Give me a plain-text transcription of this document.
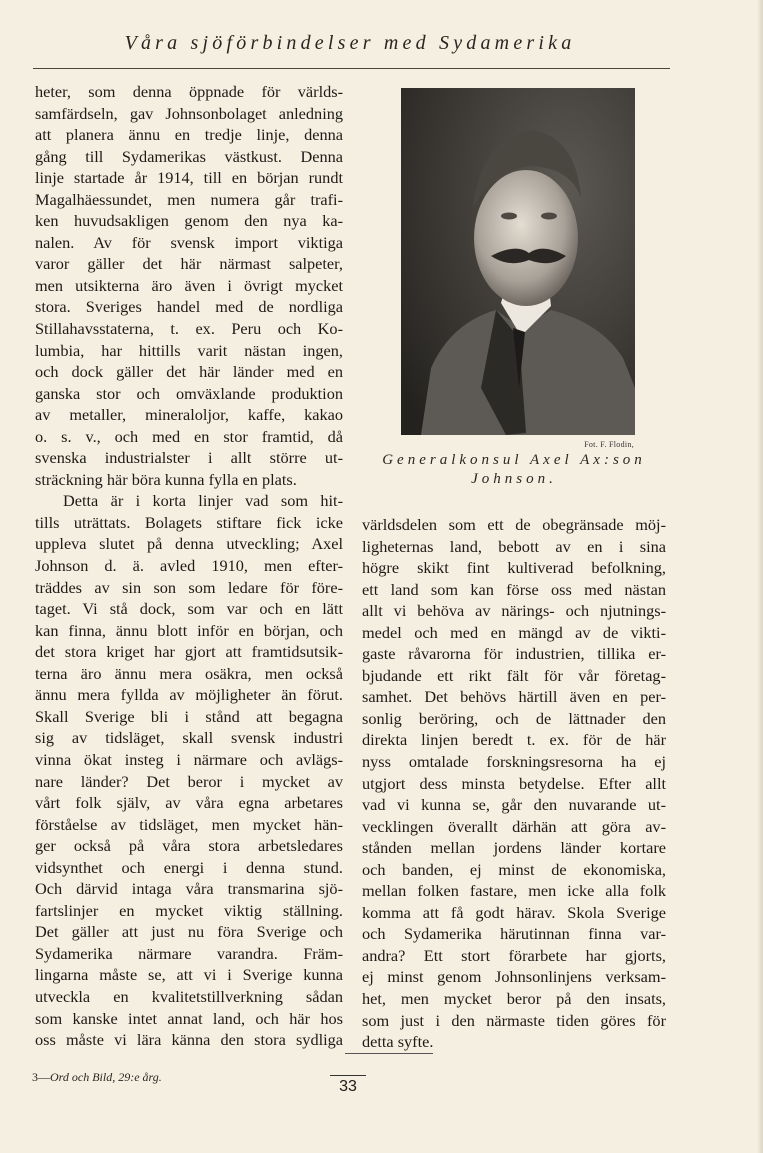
Våra sjöförbindelser med Sydamerika
heter, som denna öppnade för världs-
samfärdseln, gav Johnsonbolaget anledning
att planera ännu en tredje linje, denna
gång till Sydamerikas västkust. Denna
linje startade år 1914, till en början rundt
Magalhäessundet, men numera går trafi-
ken huvudsakligen genom den nya ka-
nalen. Av för svensk import viktiga
varor gäller det här närmast salpeter,
men utsikterna äro även i övrigt mycket
stora. Sveriges handel med de nordliga
Stillahavsstaterna, t. ex. Peru och Ko-
lumbia, har hittills varit nästan ingen,
och dock gäller det här länder med en
ganska stor och omväxlande produktion
av metaller, mineraloljor, kaffe, kakao
o. s. v., och med en stor framtid, då
svenska industrialster i allt större ut-
sträckning här böra kunna fylla en plats.
Detta är i korta linjer vad som hit-
tills uträttats. Bolagets stiftare fick icke
uppleva slutet på denna utveckling; Axel
Johnson d. ä. avled 1910, men efter-
träddes av sin son som ledare för före-
taget. Vi stå dock, som var och en lätt
kan finna, ännu blott inför en början, och
det stora kriget har gjort att framtidsutsik-
terna äro ännu mera osäkra, men också
ännu mera fyllda av möjligheter än förut.
Skall Sverige bli i stånd att begagna
sig av tidsläget, skall svensk industri
vinna ökat insteg i närmare och avlägs-
nare länder? Det beror i mycket av
vårt folk själv, av våra egna arbetares
förståelse av tidsläget, men mycket hän-
ger också på våra stora arbetsledares
vidsynthet och energi i denna stund.
Och därvid intaga våra transmarina sjö-
fartslinjer en mycket viktig ställning.
Det gäller att just nu föra Sverige och
Sydamerika närmare varandra. Främ-
lingarna måste se, att vi i Sverige kunna
utveckla en kvalitetstillverkning sådan
som kanske intet annat land, och här hos
oss måste vi lära känna den stora sydliga
Fot. F. Flodin,
Generalkonsul Axel Ax:son
Johnson.
världsdelen som ett de obegränsade möj-
ligheternas land, bebott av en i sina
högre skikt fint kultiverad befolkning,
ett land som kan förse oss med nästan
allt vi behöva av närings- och njutnings-
medel och med en mängd av de vikti-
gaste råvarorna för industrien, tillika er-
bjudande ett rikt fält för vår företag-
samhet. Det behövs härtill även en per-
sonlig beröring, och de lättnader den
direkta linjen beredt t. ex. för de här
nyss omtalade forskningsresorna ha ej
utgjort dess minsta betydelse. Efter allt
vad vi kunna se, går den nuvarande ut-
vecklingen överallt därhän att göra av-
stånden mellan jordens länder kortare
och banden, ej minst de ekonomiska,
mellan folken fastare, men icke alla folk
komma att få godt härav. Skola Sverige
och Sydamerika härutinnan finna var-
andra? Ett stort förarbete har gjorts,
ej minst genom Johnsonlinjens verksam-
het, men mycket beror på den insats,
som just i den närmaste tiden göres för
detta syfte.
3—Ord och Bild, 29:e årg.
33
